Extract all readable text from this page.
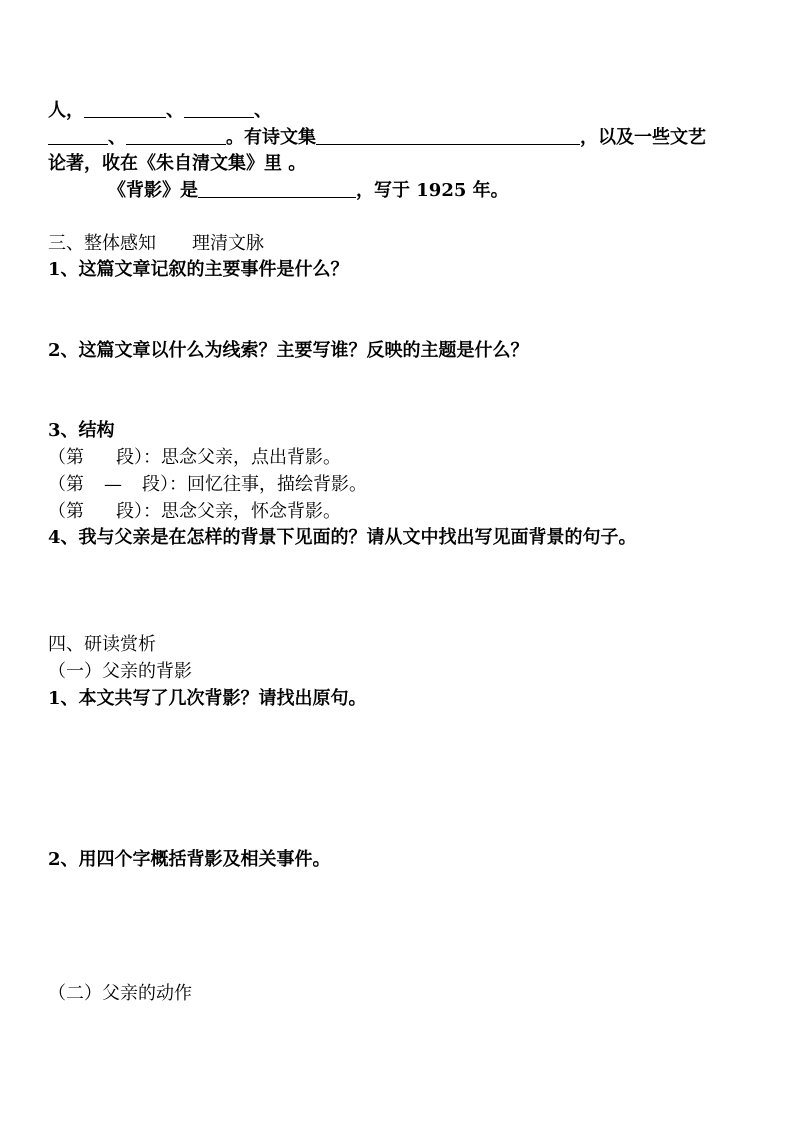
人，	、	、
、	。有诗文集	，以及一些文艺
论著，收在《朱自清文集》里 。
《背影》是	，写于 1925 年。
三、整体感知 理清文脉
1、这篇文章记叙的主要事件是什么？
2、这篇文章以什么为线索？主要写谁？反映的主题是什么？
3、结构
（第 段）：思念父亲，点出背影。
（第 — 段）：回忆往事，描绘背影。
（第 段）：思念父亲，怀念背影。
4、我与父亲是在怎样的背景下见面的？请从文中找出写见面背景的句子。
四、研读赏析
（一）父亲的背影
1、本文共写了几次背影？请找出原句。
2、用四个字概括背影及相关事件。
（二）父亲的动作
